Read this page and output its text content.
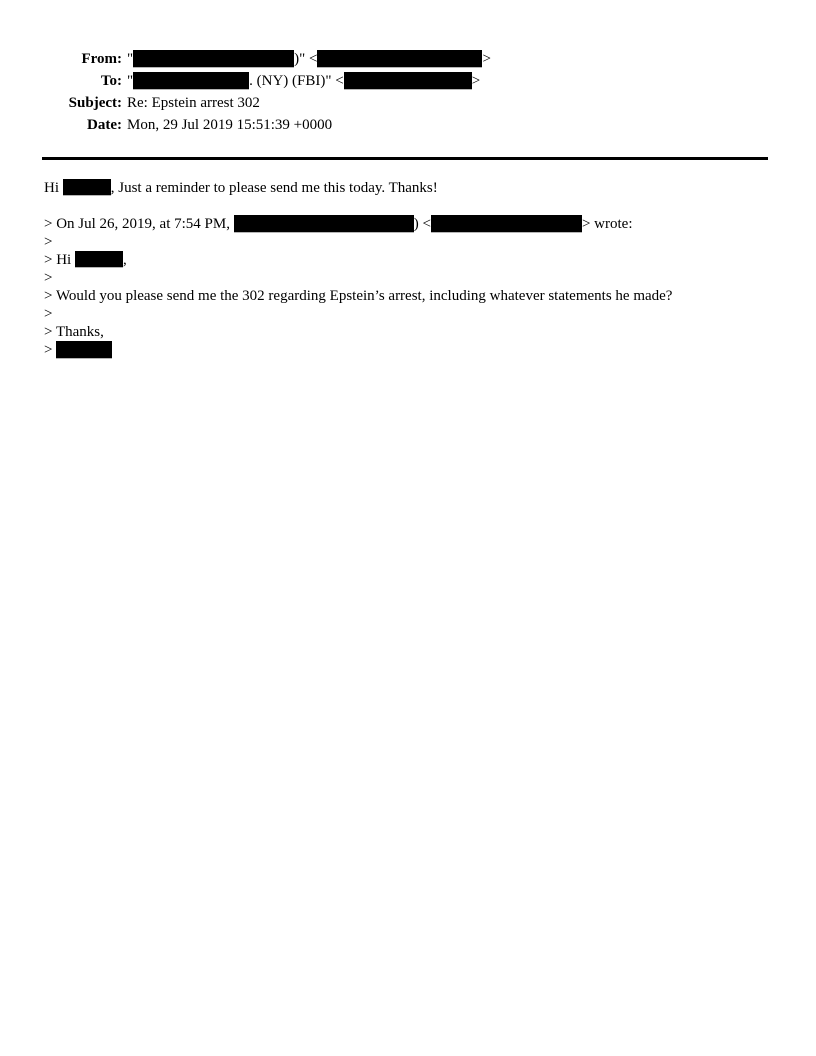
From: "	)" <	>
To: "	. (NY) (FBI)" <	>
Subject: Re: Epstein arrest 302
Date: Mon, 29 Jul 2019 15:51:39 +0000
Hi	, Just a reminder to please send me this today. Thanks!
> On Jul 26, 2019, at 7:54 PM,	) <	> wrote:
>
> Hi	,
>
> Would you please send me the 302 regarding Epstein’s arrest, including whatever statements he made?
>
> Thanks,
>
